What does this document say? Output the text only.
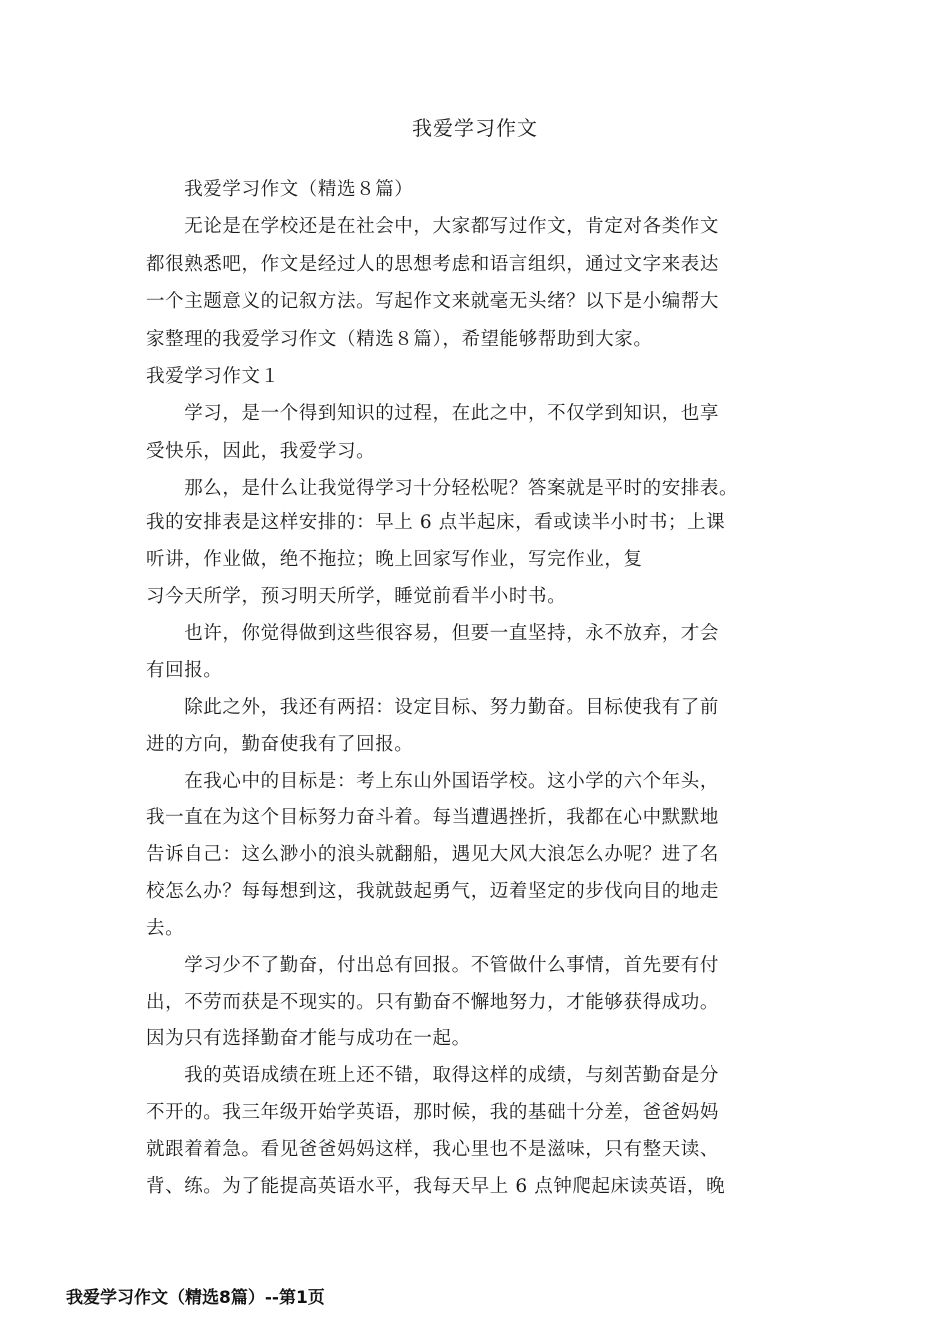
我爱学习作文
　　我爱学习作文（精选８篇）
　　无论是在学校还是在社会中，大家都写过作文，肯定对各类作文
都很熟悉吧，作文是经过人的思想考虑和语言组织，通过文字来表达
一个主题意义的记叙方法。写起作文来就毫无头绪？以下是小编帮大
家整理的我爱学习作文（精选８篇），希望能够帮助到大家。
我爱学习作文１
　　学习，是一个得到知识的过程，在此之中，不仅学到知识，也享
受快乐，因此，我爱学习。
　　那么，是什么让我觉得学习十分轻松呢？答案就是平时的安排表。
我的安排表是这样安排的：早上 6 点半起床，看或读半小时书；上课
听讲，作业做，绝不拖拉；晚上回家写作业，写完作业，复
习今天所学，预习明天所学，睡觉前看半小时书。
　　也许，你觉得做到这些很容易，但要一直坚持，永不放弃，才会
有回报。
　　除此之外，我还有两招：设定目标、努力勤奋。目标使我有了前
进的方向，勤奋使我有了回报。
　　在我心中的目标是：考上东山外国语学校。这小学的六个年头，
我一直在为这个目标努力奋斗着。每当遭遇挫折，我都在心中默默地
告诉自己：这么渺小的浪头就翻船，遇见大风大浪怎么办呢？进了名
校怎么办？每每想到这，我就鼓起勇气，迈着坚定的步伐向目的地走
去。
　　学习少不了勤奋，付出总有回报。不管做什么事情，首先要有付
出，不劳而获是不现实的。只有勤奋不懈地努力，才能够获得成功。
因为只有选择勤奋才能与成功在一起。
　　我的英语成绩在班上还不错，取得这样的成绩，与刻苦勤奋是分
不开的。我三年级开始学英语，那时候，我的基础十分差，爸爸妈妈
就跟着着急。看见爸爸妈妈这样，我心里也不是滋味，只有整天读、
背、练。为了能提高英语水平，我每天早上 6 点钟爬起床读英语，晚
我爱学习作文（精选8篇）--第1页
